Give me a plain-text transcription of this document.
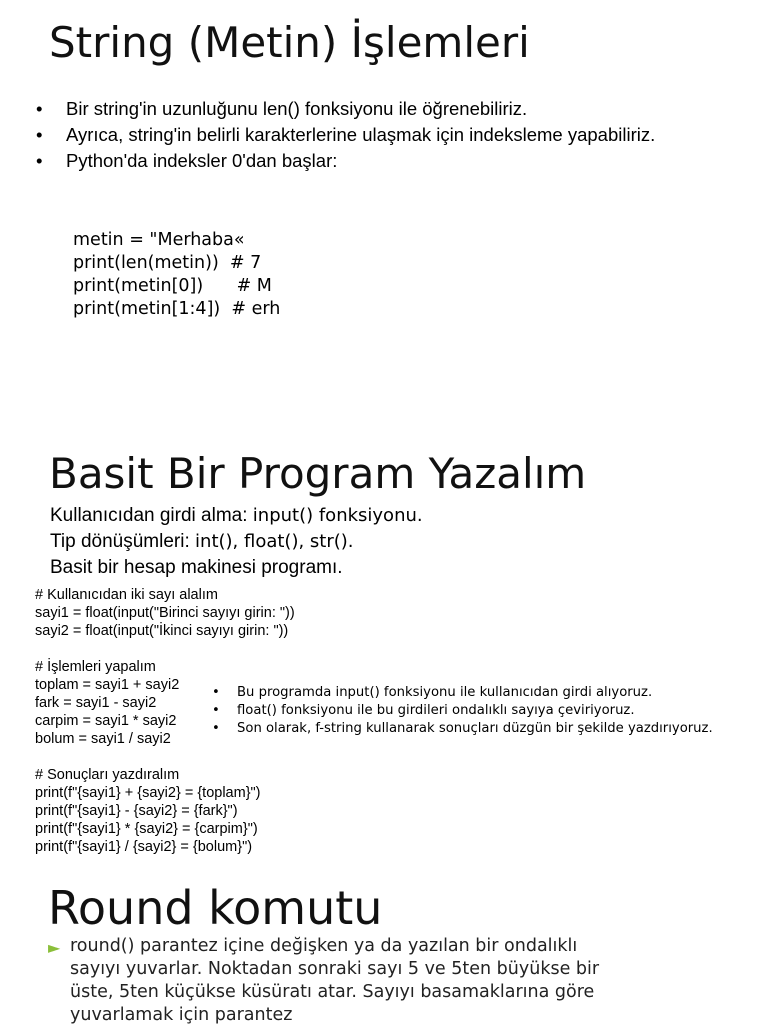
String (Metin) İşlemleri
• Bir string'in uzunluğunu len() fonksiyonu ile öğrenebiliriz.
• Ayrıca, string'in belirli karakterlerine ulaşmak için indeksleme yapabiliriz.
• Python'da indeksler 0'dan başlar:
metin = "Merhaba«
print(len(metin))  # 7
print(metin[0])      # M
print(metin[1:4])  # erh
Basit Bir Program Yazalım
Kullanıcıdan girdi alma: input() fonksiyonu.
Tip dönüşümleri: int(), float(), str().
Basit bir hesap makinesi programı.
# Kullanıcıdan iki sayı alalım
sayi1 = float(input("Birinci sayıyı girin: "))
sayi2 = float(input("İkinci sayıyı girin: "))

# İşlemleri yapalım
toplam = sayi1 + sayi2
fark = sayi1 - sayi2
carpim = sayi1 * sayi2
bolum = sayi1 / sayi2

# Sonuçları yazdıralım
print(f"{sayi1} + {sayi2} = {toplam}")
print(f"{sayi1} - {sayi2} = {fark}")
print(f"{sayi1} * {sayi2} = {carpim}")
print(f"{sayi1} / {sayi2} = {bolum}")
• Bu programda input() fonksiyonu ile kullanıcıdan girdi alıyoruz.
• float() fonksiyonu ile bu girdileri ondalıklı sayıya çeviriyoruz.
• Son olarak, f-string kullanarak sonuçları düzgün bir şekilde yazdırıyoruz.
Round komutu
► round() parantez içine değişken ya da yazılan bir ondalıklı sayıyı yuvarlar. Noktadan sonraki sayı 5 ve 5ten büyükse bir üste, 5ten küçükse küsüratı atar. Sayıyı basamaklarına göre yuvarlamak için parantez
